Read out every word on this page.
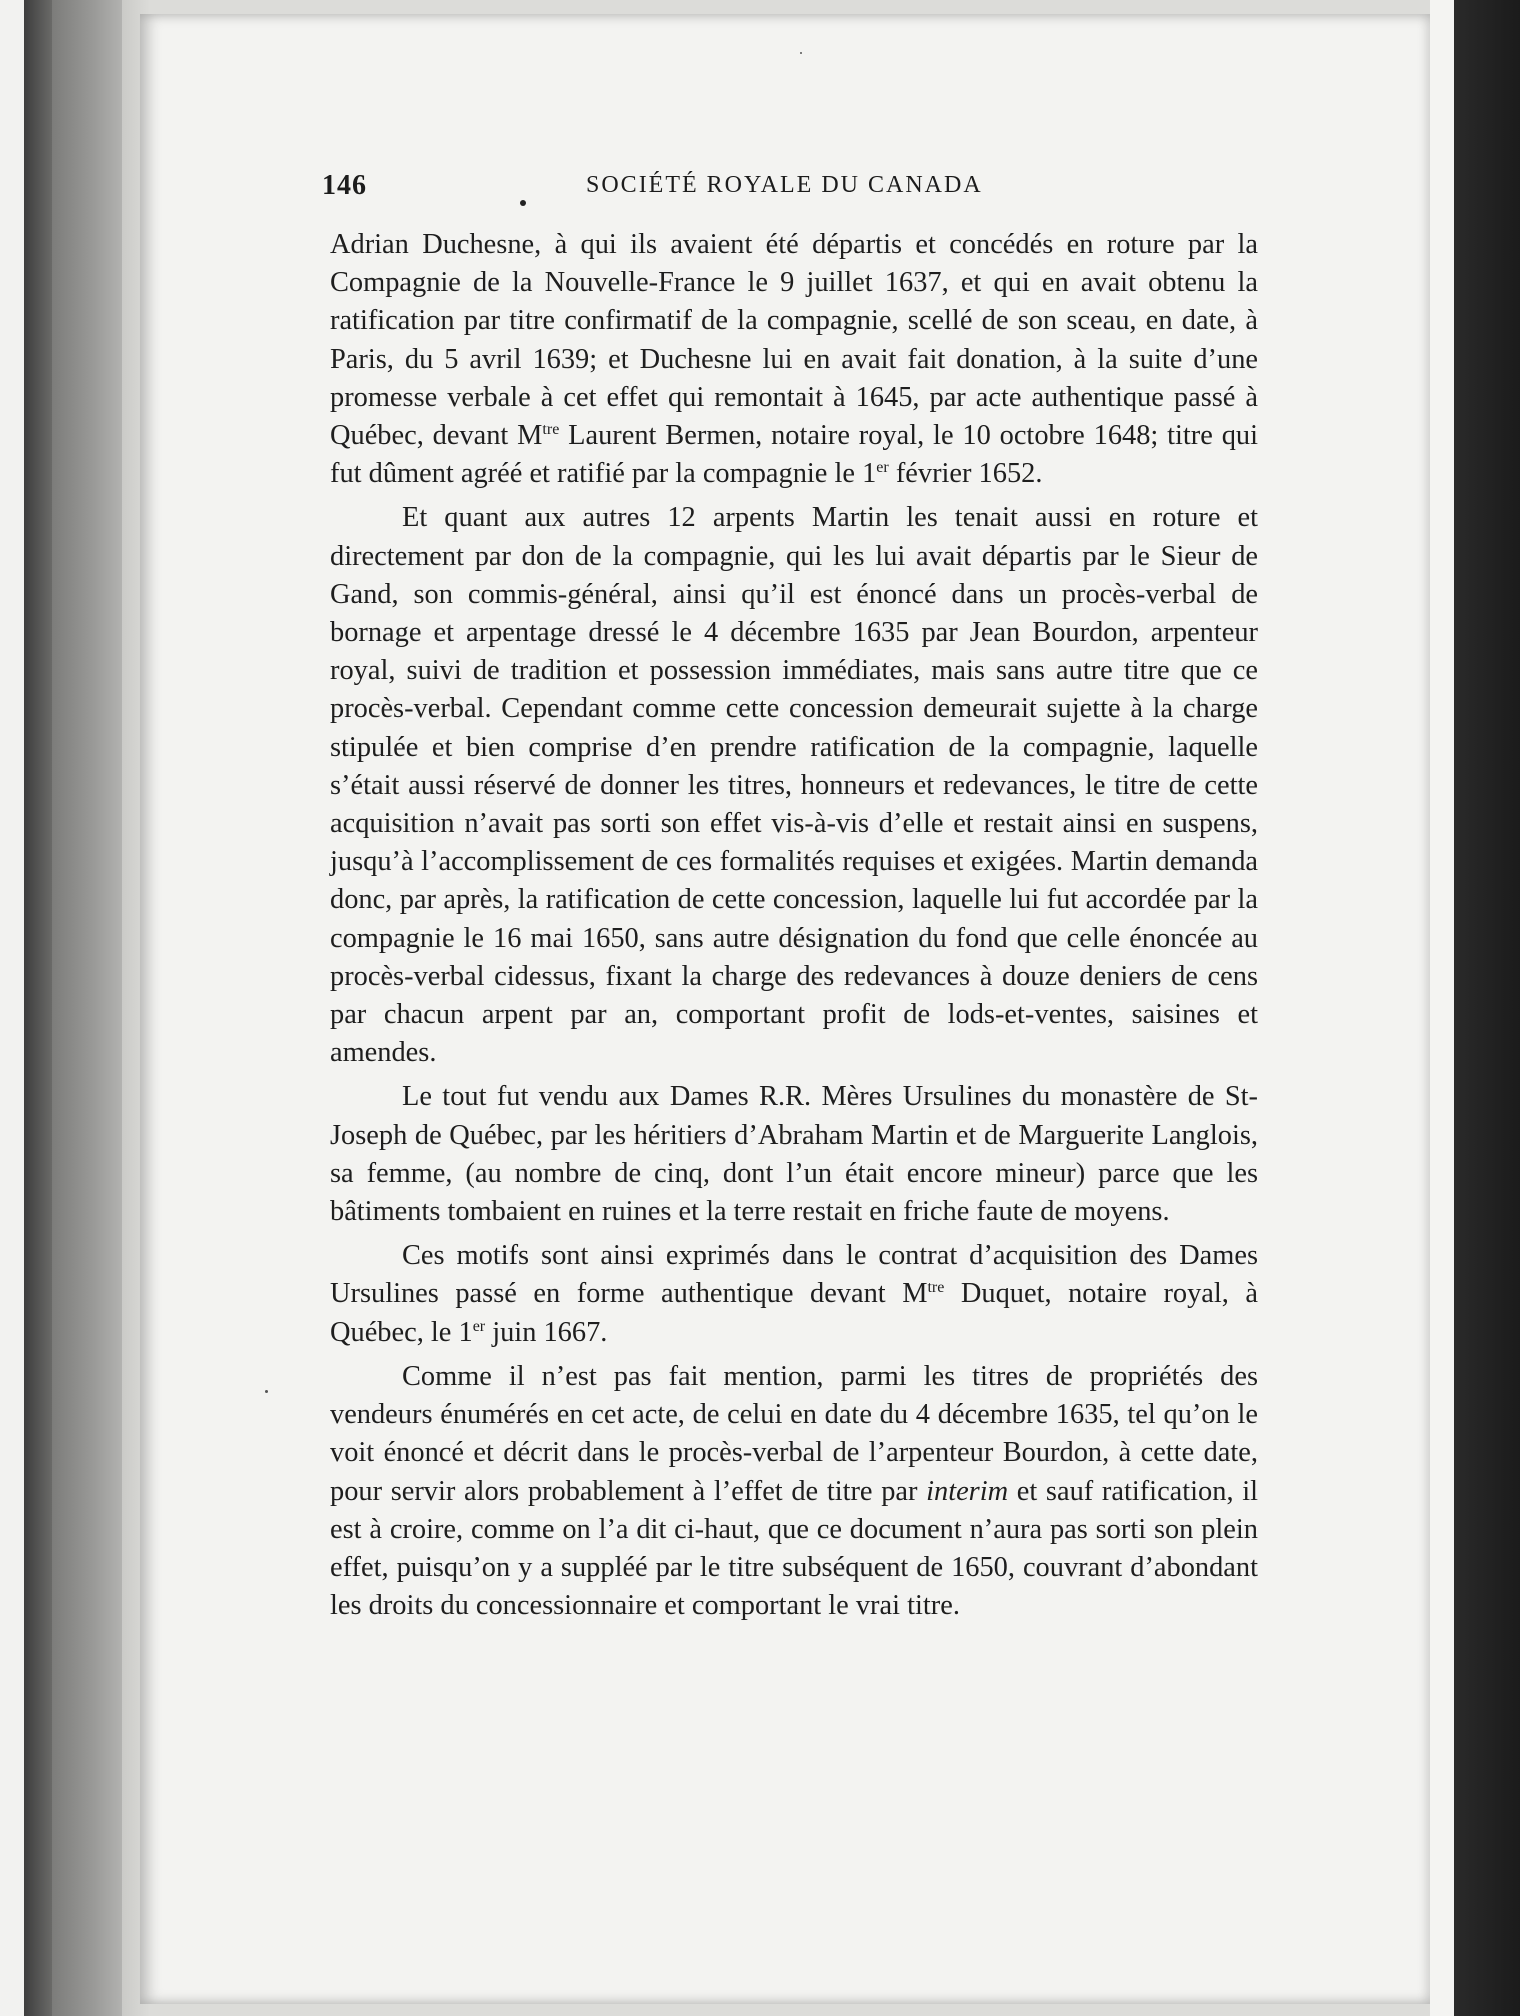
146	SOCIÉTÉ ROYALE DU CANADA

Adrian Duchesne, à qui ils avaient été départis et concédés en roture par la Compagnie de la Nouvelle-France le 9 juillet 1637, et qui en avait obtenu la ratification par titre confirmatif de la compagnie, scellé de son sceau, en date, à Paris, du 5 avril 1639; et Duchesne lui en avait fait donation, à la suite d’une promesse verbale à cet effet qui remontait à 1645, par acte authentique passé à Québec, devant $M^{tre}$ Laurent Bermen, notaire royal, le 10 octobre 1648; titre qui fut dûment agréé et ratifié par la compagnie le 1er février 1652.

Et quant aux autres 12 arpents Martin les tenait aussi en roture et directement par don de la compagnie, qui les lui avait départis par le Sieur de Gand, son commis-général, ainsi qu’il est énoncé dans un procès-verbal de bornage et arpentage dressé le 4 décembre 1635 par Jean Bourdon, arpenteur royal, suivi de tradition et possession immédiates, mais sans autre titre que ce procès-verbal. Cependant comme cette concession demeurait sujette à la charge stipulée et bien comprise d’en prendre ratification de la compagnie, laquelle s’était aussi réservé de donner les titres, honneurs et redevances, le titre de cette acquisition n’avait pas sorti son effet vis-à-vis d’elle et restait ainsi en suspens, jusqu’à l’accomplissement de ces formalités requises et exigées. Martin demanda donc, par après, la ratification de cette concession, laquelle lui fut accordée par la compagnie le 16 mai 1650, sans autre désignation du fond que celle énoncée au procès-verbal cidessus, fixant la charge des redevances à douze deniers de cens par chacun arpent par an, comportant profit de lods-et-ventes, saisines et amendes.

Le tout fut vendu aux Dames R.R. Mères Ursulines du monastère de St-Joseph de Québec, par les héritiers d’Abraham Martin et de Marguerite Langlois, sa femme, (au nombre de cinq, dont l’un était encore mineur) parce que les bâtiments tombaient en ruines et la terre restait en friche faute de moyens.

Ces motifs sont ainsi exprimés dans le contrat d’acquisition des Dames Ursulines passé en forme authentique devant $M^{tre}$ Duquet, notaire royal, à Québec, le 1er juin 1667.

Comme il n’est pas fait mention, parmi les titres de propriétés des vendeurs énumérés en cet acte, de celui en date du 4 décembre 1635, tel qu’on le voit énoncé et décrit dans le procès-verbal de l’arpenteur Bourdon, à cette date, pour servir alors probablement à l’effet de titre par interim et sauf ratification, il est à croire, comme on l’a dit ci-haut, que ce document n’aura pas sorti son plein effet, puisqu’on y a suppléé par le titre subséquent de 1650, couvrant d’abondant les droits du concessionnaire et comportant le vrai titre.
